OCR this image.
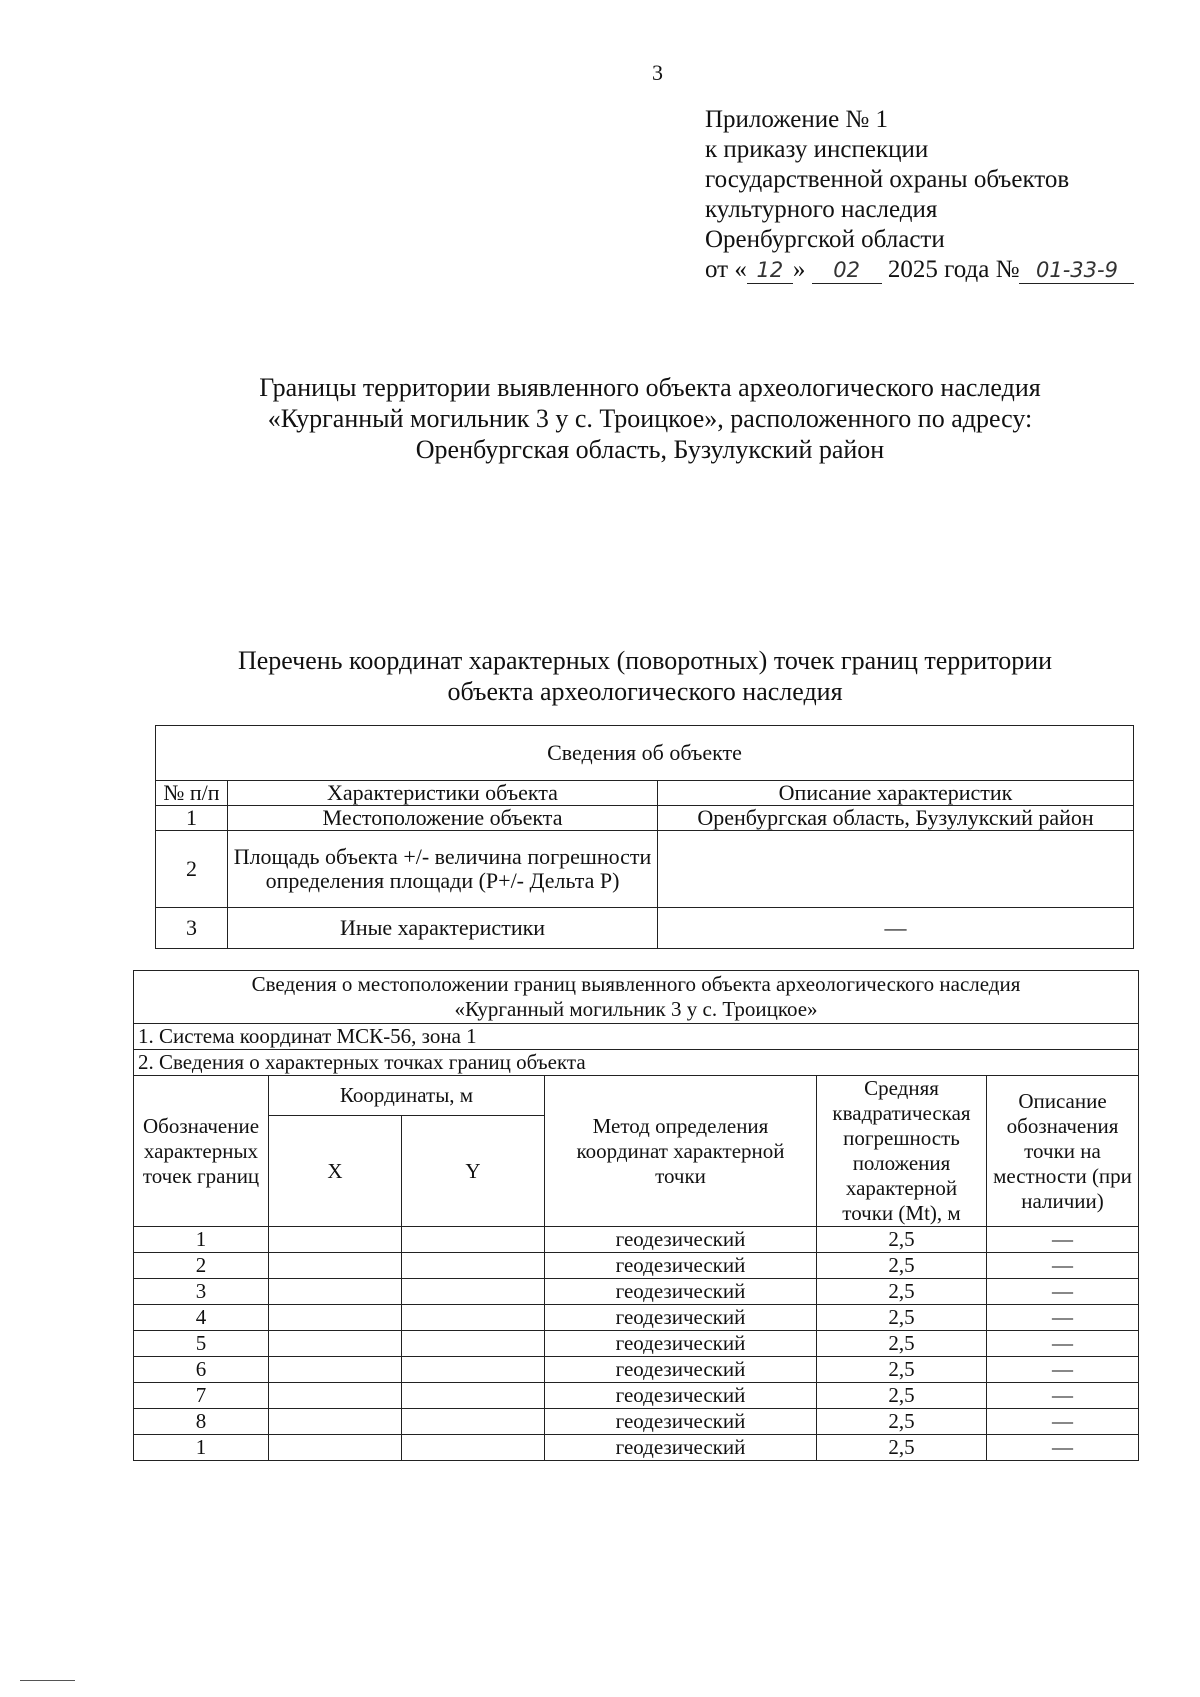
3
Приложение № 1
к приказу инспекции
государственной охраны объектов
культурного наследия
Оренбургской области
от « 12 » 02 2025 года № 01-33-9
Границы территории выявленного объекта археологического наследия
«Курганный могильник 3 у с. Троицкое», расположенного по адресу:
Оренбургская область, Бузулукский район
Перечень координат характерных (поворотных) точек границ территории
объекта археологического наследия
Сведения об объекте		
№ п/п	Характеристики объекта	Описание характеристик
1	Местоположение объекта	Оренбургская область, Бузулукский район
2	Площадь объекта +/- величина погрешности определения площади (P+/- Дельта P)	
3	Иные характеристики	—
Сведения о местоположении границ выявленного объекта археологического наследия
«Курганный могильник 3 у с. Троицкое»					

1. Система координат МСК-56, зона 1					
2. Сведения о характерных точках границ объекта					
Обозначение характерных точек границ	Координаты, м		Метод определения координат характерной точки	Средняя квадратическая погрешность положения характерной точки (Mt), м	Описание обозначения точки на местности (при наличии)
	X	Y			
1			геодезический	2,5	—
2			геодезический	2,5	—
3			геодезический	2,5	—
4			геодезический	2,5	—
5			геодезический	2,5	—
6			геодезический	2,5	—
7			геодезический	2,5	—
8			геодезический	2,5	—
1			геодезический	2,5	—
